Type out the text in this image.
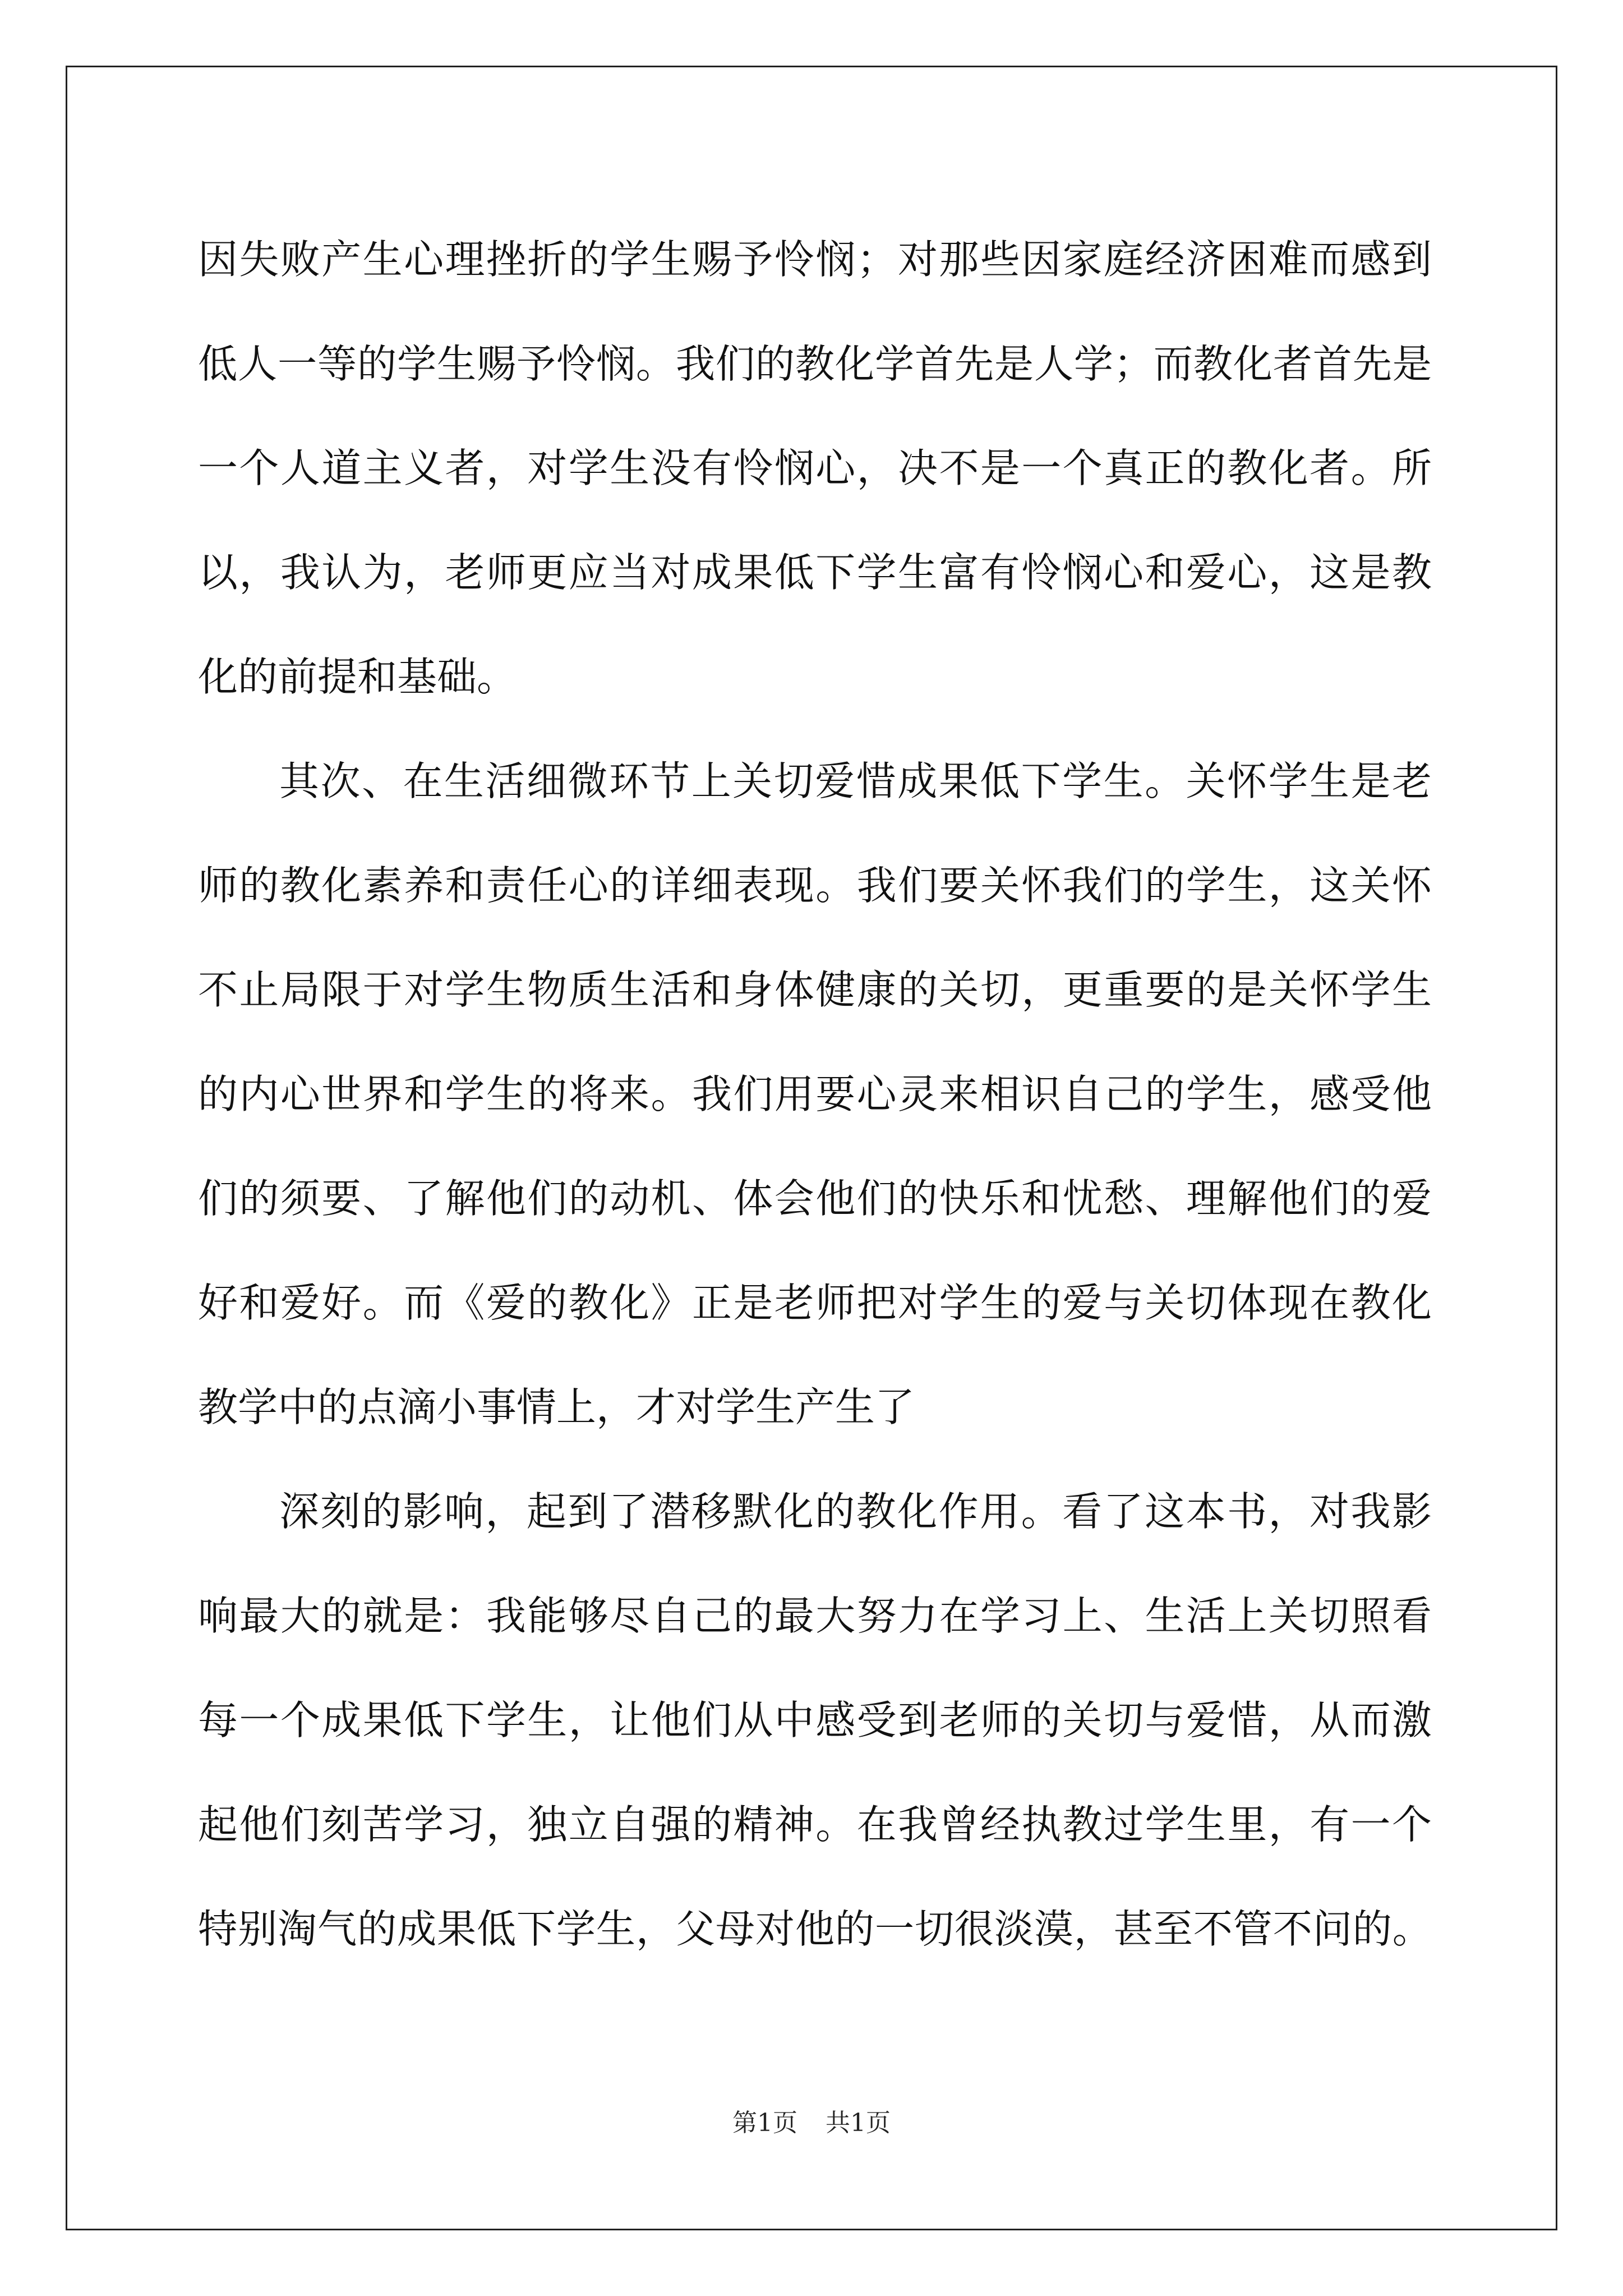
因失败产生心理挫折的学生赐予怜悯；对那些因家庭经济困难而感到
低人一等的学生赐予怜悯。我们的教化学首先是人学；而教化者首先是
一个人道主义者，对学生没有怜悯心，决不是一个真正的教化者。所
以，我认为，老师更应当对成果低下学生富有怜悯心和爱心，这是教
化的前提和基础。
其次、在生活细微环节上关切爱惜成果低下学生。关怀学生是老
师的教化素养和责任心的详细表现。我们要关怀我们的学生，这关怀
不止局限于对学生物质生活和身体健康的关切，更重要的是关怀学生
的内心世界和学生的将来。我们用要心灵来相识自己的学生，感受他
们的须要、了解他们的动机、体会他们的快乐和忧愁、理解他们的爱
好和爱好。而《爱的教化》正是老师把对学生的爱与关切体现在教化
教学中的点滴小事情上，才对学生产生了
深刻的影响，起到了潜移默化的教化作用。看了这本书，对我影
响最大的就是：我能够尽自己的最大努力在学习上、生活上关切照看
每一个成果低下学生，让他们从中感受到老师的关切与爱惜，从而激
起他们刻苦学习，独立自强的精神。在我曾经执教过学生里，有一个
特别淘气的成果低下学生，父母对他的一切很淡漠，甚至不管不问的。
第1页 共1页
